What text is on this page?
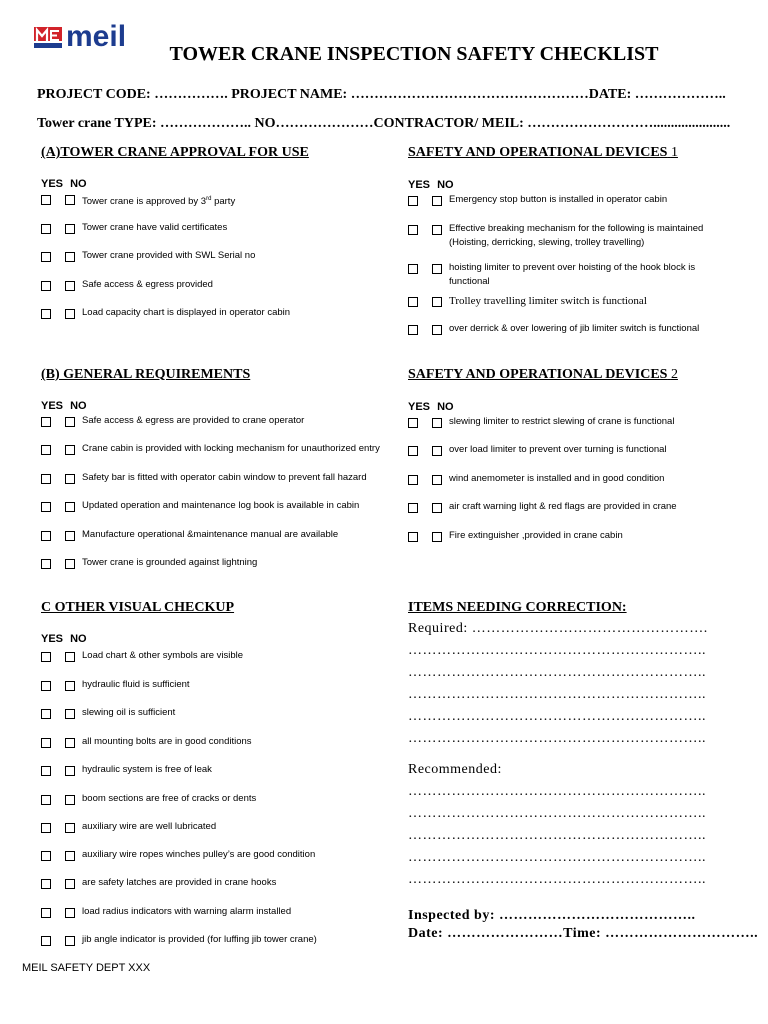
meil
TOWER CRANE INSPECTION SAFETY CHECKLIST
PROJECT CODE: ……………. PROJECT NAME: ……………………………………………DATE: ………………..
Tower crane TYPE: ……………….. NO…………………CONTRACTOR/ MEIL: ………………………......................
(A)TOWER CRANE APPROVAL FOR USE
YES NO
Tower crane is approved by 3rd party
Tower crane have valid certificates
Tower crane provided with SWL Serial no
Safe access & egress provided
Load capacity chart is displayed in operator cabin
(B) GENERAL REQUIREMENTS
YES NO
Safe access & egress are provided to crane operator
Crane cabin is provided with locking mechanism for unauthorized entry
Safety bar is fitted with operator cabin window to prevent fall hazard
Updated operation and maintenance log book is available in cabin
Manufacture operational &maintenance manual are available
Tower crane is grounded against lightning
C OTHER VISUAL CHECKUP
YES NO
Load chart & other symbols are visible
hydraulic fluid is sufficient
slewing oil is sufficient
all mounting bolts are in good conditions
hydraulic system is free of leak
boom sections are free of cracks or dents
auxiliary wire are well lubricated
auxiliary wire ropes winches pulley’s are good condition
are safety latches are provided in crane hooks
load radius indicators with warning alarm installed
jib angle indicator is provided (for luffing jib tower crane)
SAFETY AND OPERATIONAL DEVICES 1
YES NO
Emergency stop button is installed in operator cabin
Effective breaking mechanism for the following is maintained (Hoisting, derricking, slewing, trolley travelling)
hoisting limiter to prevent over hoisting of the hook block is functional
Trolley travelling limiter switch is functional
over derrick & over lowering of jib limiter switch is functional
SAFETY AND OPERATIONAL DEVICES 2
YES NO
slewing limiter to restrict slewing of crane is functional
over load limiter to prevent over turning is functional
wind anemometer is installed and in good condition
air craft warning light & red flags are provided in crane
Fire extinguisher ,provided in crane cabin
ITEMS NEEDING CORRECTION:
Required: ………………………………………….
……………………………………………………..
……………………………………………………..
……………………………………………………..
……………………………………………………..
……………………………………………………..
Recommended:
……………………………………………………..
……………………………………………………..
……………………………………………………..
……………………………………………………..
……………………………………………………..
Inspected by: …………………………………..
Date: ……………………Time: …………………………..
MEIL SAFETY DEPT XXX
